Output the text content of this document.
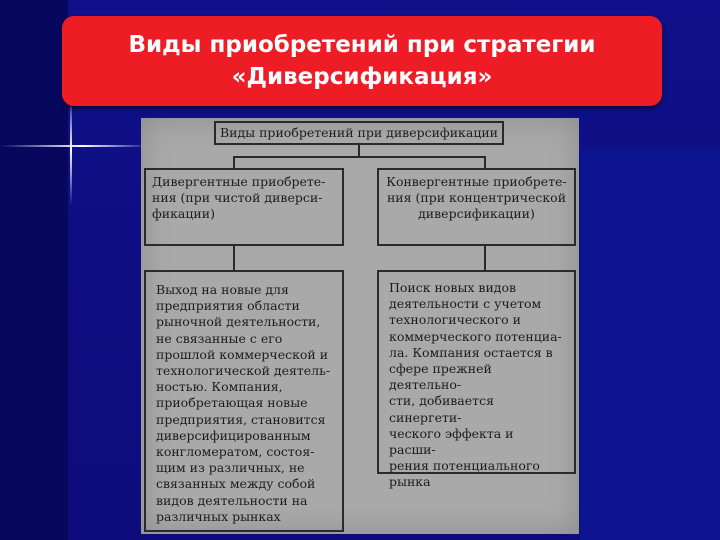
Виды приобретений при стратегии
«Диверсификация»
Виды приобретений при диверсификации
Дивергентные приобрете-
ния (при чистой диверси-
фикации)
Конвергентные приобрете-
ния (при концентрической
диверсификации)
Выход на новые для
предприятия области
рыночной деятельности,
не связанные с его
прошлой коммерческой и
технологической деятель-
ностью. Компания,
приобретающая новые
предприятия, становится
диверсифицированным
конгломератом, состоя-
щим из различных, не
связанных между собой
видов деятельности на
различных рынках
Поиск новых видов
деятельности с учетом
технологического и
коммерческого потенциа-
ла. Компания остается в
сфере прежней деятельно-
сти, добивается синергети-
ческого эффекта и расши-
рения потенциального
рынка
